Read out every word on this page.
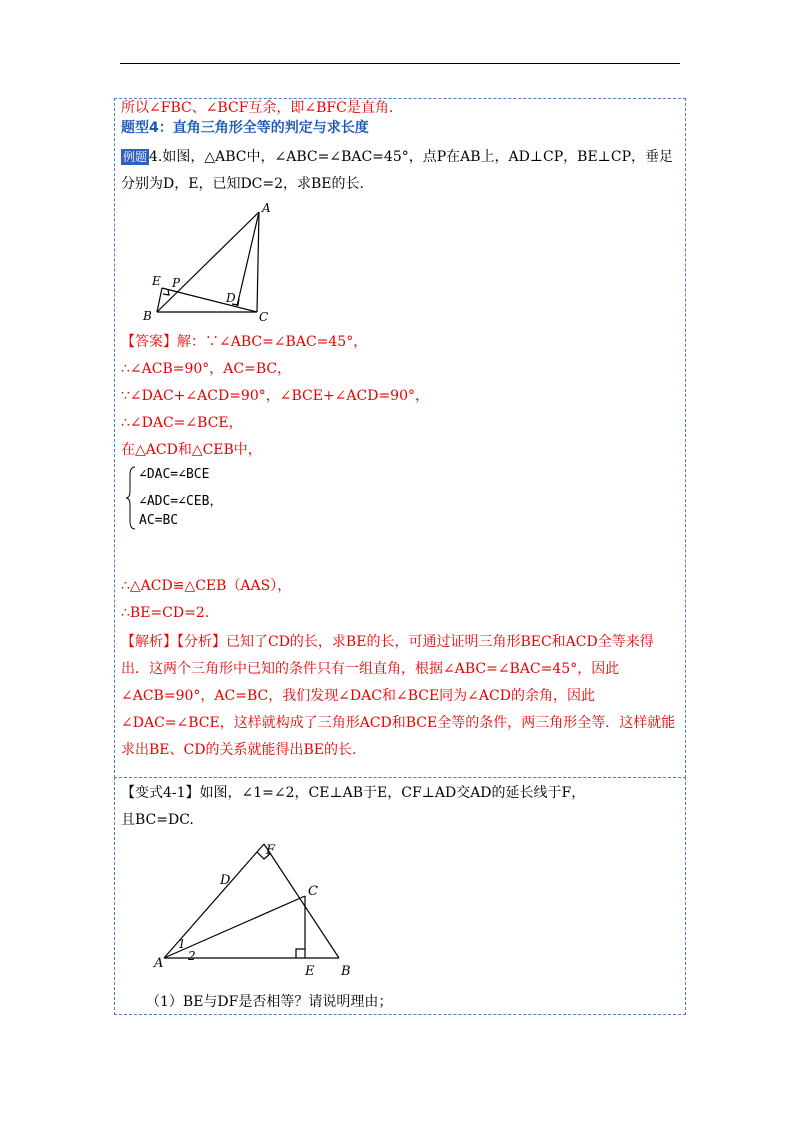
所以∠FBC、∠BCF互余，即∠BFC是直角.
题型4：直角三角形全等的判定与求长度
例题 4.如图，△ABC中，∠ABC=∠BAC=45°，点P在AB上，AD⊥CP，BE⊥CP，垂足
分别为D，E，已知DC=2，求BE的长.
A
B	C
D
E P
【答案】解：∵∠ABC=∠BAC=45°，
∴∠ACB=90°，AC=BC，
∵∠DAC+∠ACD=90°，∠BCE+∠ACD=90°，
∴∠DAC=∠BCE，
在△ACD和△CEB中，
∠DAC=∠BCE
∠ADC=∠CEB，
AC=BC
∴△ACD≌△CEB（AAS），
∴BE=CD=2.
【解析】【分析】已知了CD的长，求BE的长，可通过证明三角形BEC和ACD全等来得出．这两个三角形中已知的条件只有一组直角，根据∠ABC=∠BAC=45°，因此∠ACB=90°，AC=BC，我们发现∠DAC和∠BCE同为∠ACD的余角，因此∠DAC=∠BCE，这样就构成了三角形ACD和BCE全等的条件，两三角形全等．这样就能求出BE、CD的关系就能得出BE的长.
【变式4-1】如图，∠1=∠2，CE⊥AB于E，CF⊥AD交AD的延长线于F，
且BC=DC.
F
D
C
A
E B
1
2
（1）BE与DF是否相等？请说明理由；
